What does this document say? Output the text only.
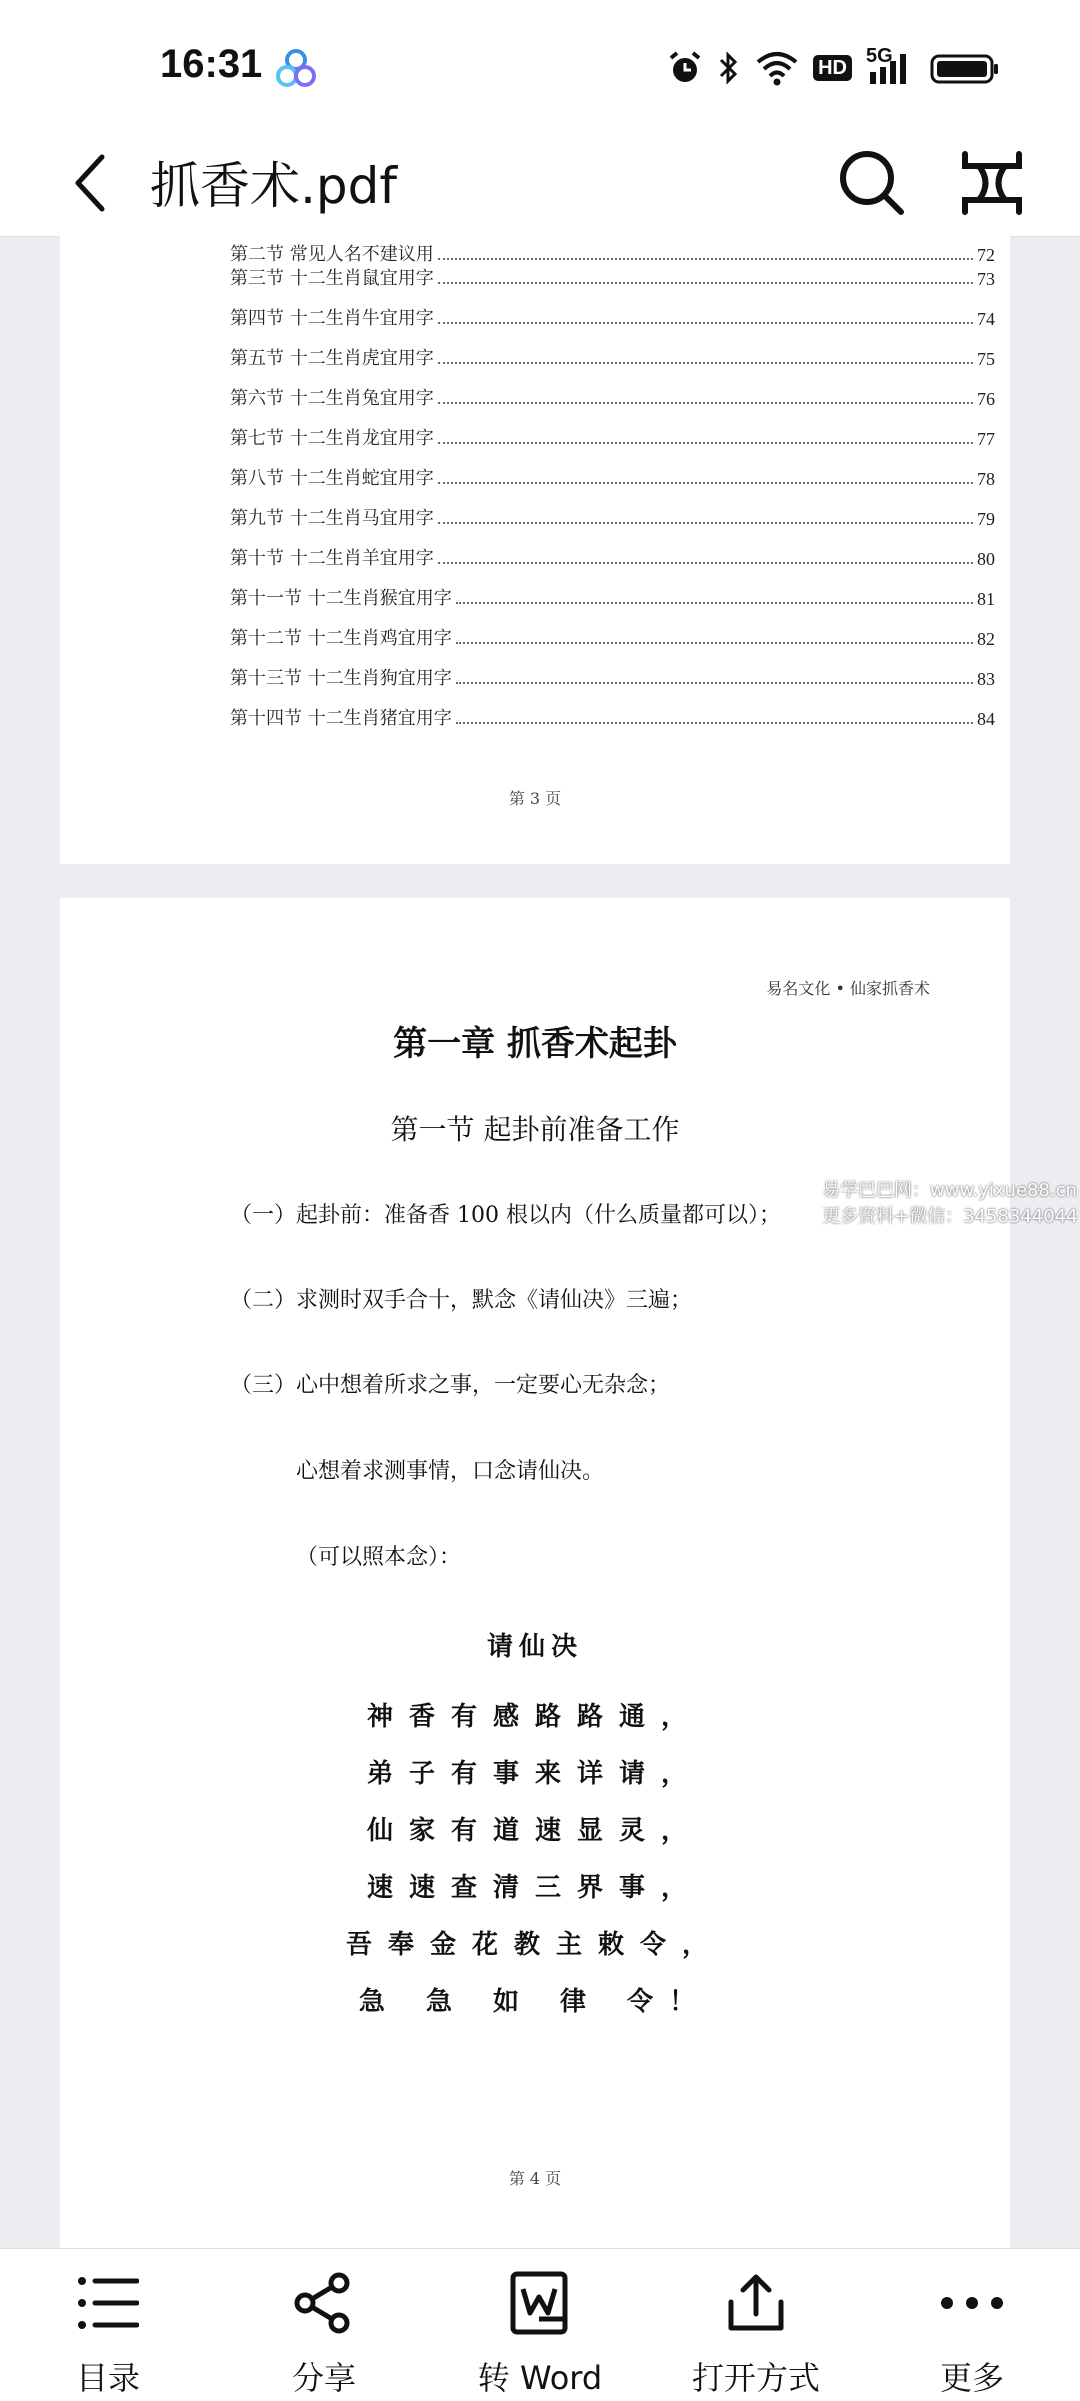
16:31	HD
5G
抓香术.pdf
第二节 常见人名不建议用	72
第三节 十二生肖鼠宜用字	73
第四节 十二生肖牛宜用字	74
第五节 十二生肖虎宜用字	75
第六节 十二生肖兔宜用字	76
第七节 十二生肖龙宜用字	77
第八节 十二生肖蛇宜用字	78
第九节 十二生肖马宜用字	79
第十节 十二生肖羊宜用字	80
第十一节 十二生肖猴宜用字	81
第十二节 十二生肖鸡宜用字	82
第十三节 十二生肖狗宜用字	83
第十四节 十二生肖猪宜用字	84
第 3 页
易名文化 • 仙家抓香术
第一章 抓香术起卦
第一节 起卦前准备工作
（一）起卦前：准备香 100 根以内（什么质量都可以）；
（二）求测时双手合十，默念《请仙决》三遍；
（三）心中想着所求之事，一定要心无杂念；
心想着求测事情，口念请仙决。
（可以照本念）：
请仙决
神香有感路路通，
弟子有事来详请，
仙家有道速显灵，
速速查清三界事，
吾奉金花教主敕令，
急 急 如 律 令！
第 4 页
易学巴巴网：www.yixue88.cn
更多资料+微信：3458344044
目录	分享	转 Word	打开方式	更多
